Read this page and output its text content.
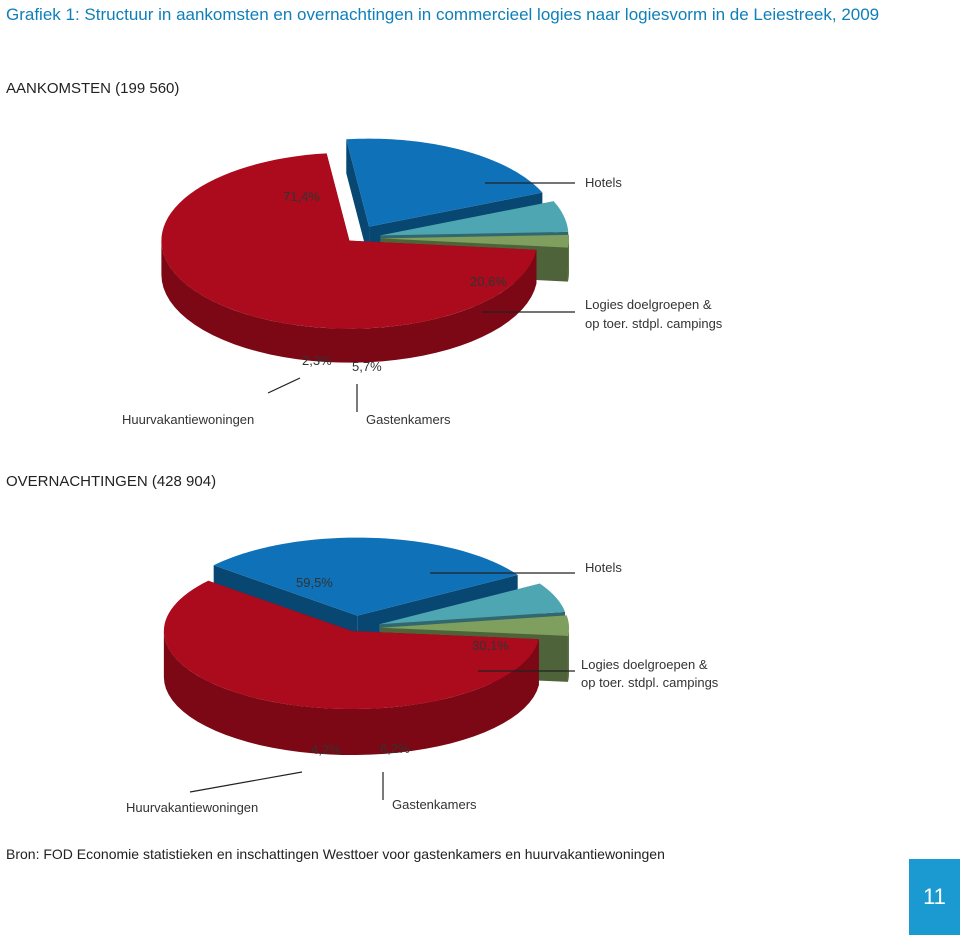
Grafiek 1: Structuur in aankomsten en overnachtingen in commercieel logies naar logiesvorm in de Leiestreek, 2009
AANKOMSTEN (199 560)
71,4%
20,6%
5,7%
2,3%
Hotels
Logies doelgroepen &
op toer. stdpl. campings
Gastenkamers
Huurvakantiewoningen
OVERNACHTINGEN (428 904)
59,5%
30,1%
6,2%
4,2%
Hotels
Logies doelgroepen &
op toer. stdpl. campings
Gastenkamers
Huurvakantiewoningen
Bron: FOD Economie statistieken en inschattingen Westtoer voor gastenkamers en huurvakantiewoningen
11
